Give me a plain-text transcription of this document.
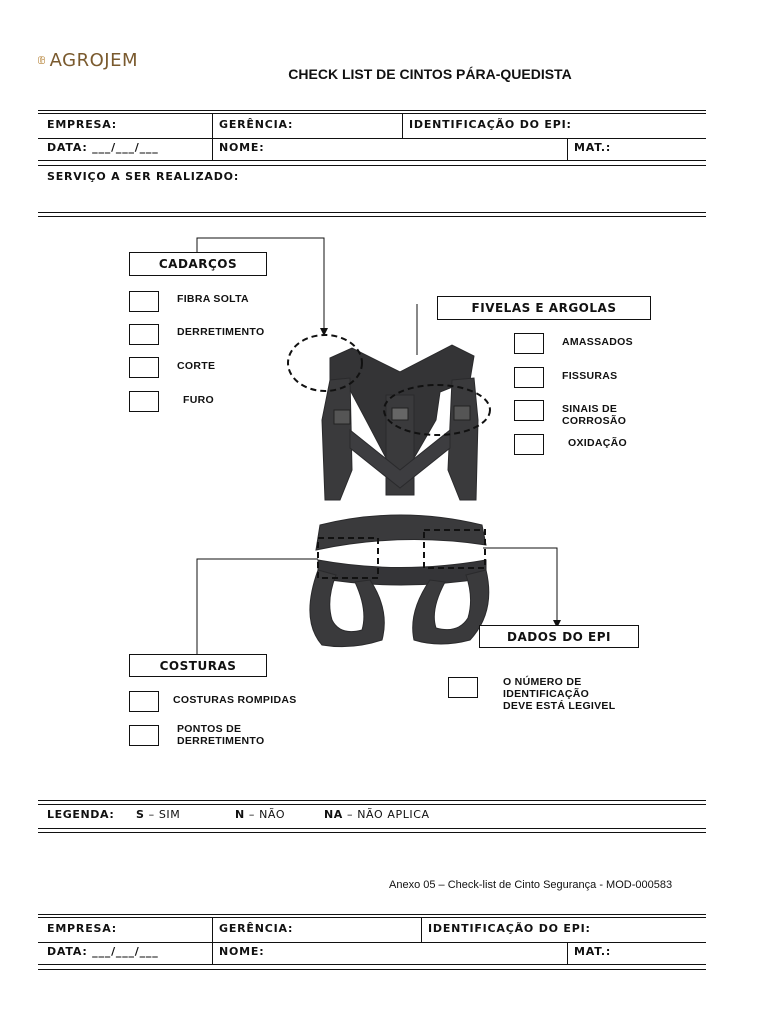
AGROJEM
CHECK LIST DE CINTOS PÁRA-QUEDISTA
EMPRESA:	GERÊNCIA:	IDENTIFICAÇÃO DO EPI:
DATA: ___/___/___	NOME:	MAT.:
SERVIÇO A SER REALIZADO:
CADARÇOS
FIVELAS E ARGOLAS
COSTURAS
DADOS DO EPI
FIBRA SOLTA
DERRETIMENTO
CORTE
FURO
AMASSADOS
FISSURAS
SINAIS DE
CORROSÃO
OXIDAÇÃO
COSTURAS ROMPIDAS
PONTOS DE
DERRETIMENTO
O NÚMERO DE
IDENTIFICAÇÃO
DEVE ESTÁ LEGIVEL
LEGENDA: S – SIM	N – NÃO	NA – NÃO APLICA
Anexo 05 – Check-list de Cinto Segurança - MOD-000583
EMPRESA:	GERÊNCIA:	IDENTIFICAÇÃO DO EPI:
DATA: ___/___/___	NOME:	MAT.:
